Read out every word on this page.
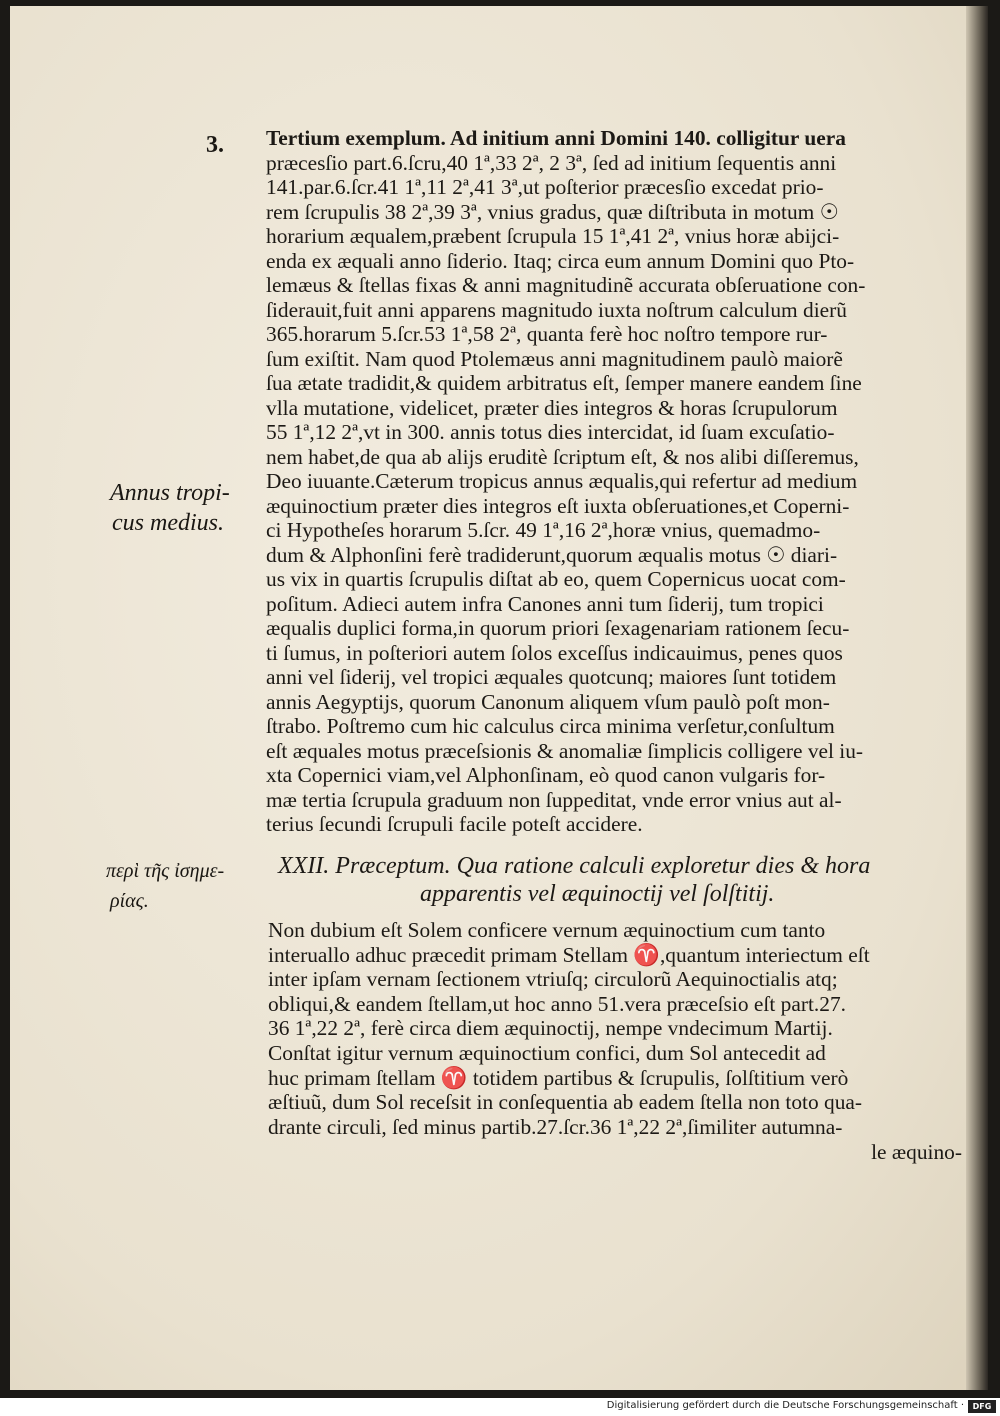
3. Tertium exemplum. Ad initium anni Domini 140. colligitur uera
præcesſio part.6.ſcru,40 1ª,33 2ª, 2 3ª, ſed ad initium ſequentis anni
141.par.6.ſcr.41 1ª,11 2ª,41 3ª,ut poſterior præcesſio excedat prio-
rem ſcrupulis 38 2ª,39 3ª, vnius gradus, quæ diſtributa in motum ☉
horarium æqualem,præbent ſcrupula 15 1ª,41 2ª, vnius horæ abijci-
enda ex æquali anno ſiderio. Itaq; circa eum annum Domini quo Pto-
lemæus & ſtellas fixas & anni magnitudinẽ accurata obſeruatione con-
ſiderauit,fuit anni apparens magnitudo iuxta noſtrum calculum dierũ
365.horarum 5.ſcr.53 1ª,58 2ª, quanta ferè hoc noſtro tempore rur-
ſum exiſtit. Nam quod Ptolemæus anni magnitudinem paulò maiorẽ
ſua ætate tradidit,& quidem arbitratus eſt, ſemper manere eandem ſine
vlla mutatione, videlicet, præter dies integros & horas ſcrupulorum
55 1ª,12 2ª,vt in 300. annis totus dies intercidat, id ſuam excuſatio-
nem habet,de qua ab alijs eruditè ſcriptum eſt, & nos alibi diſſeremus,
Deo iuuante.Cæterum tropicus annus æqualis,qui refertur ad medium
æquinoctium præter dies integros eſt iuxta obſeruationes,et Coperni-
ci Hypotheſes horarum 5.ſcr. 49 1ª,16 2ª,horæ vnius, quemadmo-
dum & Alphonſini ferè tradiderunt,quorum æqualis motus ☉ diari-
us vix in quartis ſcrupulis diſtat ab eo, quem Copernicus uocat com-
poſitum. Adieci autem infra Canones anni tum ſiderij, tum tropici
æqualis duplici forma,in quorum priori ſexagenariam rationem ſecu-
ti ſumus, in poſteriori autem ſolos exceſſus indicauimus, penes quos
anni vel ſiderij, vel tropici æquales quotcunq; maiores ſunt totidem
annis Aegyptijs, quorum Canonum aliquem vſum paulò poſt mon-
ſtrabo. Poſtremo cum hic calculus circa minima verſetur,conſultum
eſt æquales motus præceſsionis & anomaliæ ſimplicis colligere vel iu-
xta Copernici viam,vel Alphonſinam, eò quod canon vulgaris for-
mæ tertia ſcrupula graduum non ſuppeditat, vnde error vnius aut al-
terius ſecundi ſcrupuli facile poteſt accidere.
Annus tropi-
cus medius.
περὶ τῆς ἰσημε-
ρίας.
XXII. Præceptum. Qua ratione calculi exploretur dies & hora
apparentis vel æquinoctij vel ſolſtitij.
Non dubium eſt Solem conficere vernum æquinoctium cum tanto
interuallo adhuc præcedit primam Stellam ♈,quantum interiectum eſt
inter ipſam vernam ſectionem vtriuſq; circulorũ Aequinoctialis atq;
obliqui,& eandem ſtellam,ut hoc anno 51.vera præceſsio eſt part.27.
36 1ª,22 2ª, ferè circa diem æquinoctij, nempe vndecimum Martij.
Conſtat igitur vernum æquinoctium confici, dum Sol antecedit ad
huc primam ſtellam ♈ totidem partibus & ſcrupulis, ſolſtitium verò
æſtiuũ, dum Sol receſsit in conſequentia ab eadem ſtella non toto qua-
drante circuli, ſed minus partib.27.ſcr.36 1ª,22 2ª,ſimiliter autumna-
le æquino-
Digitalisierung gefördert durch die Deutsche Forschungsgemeinschaft ·	DFG
